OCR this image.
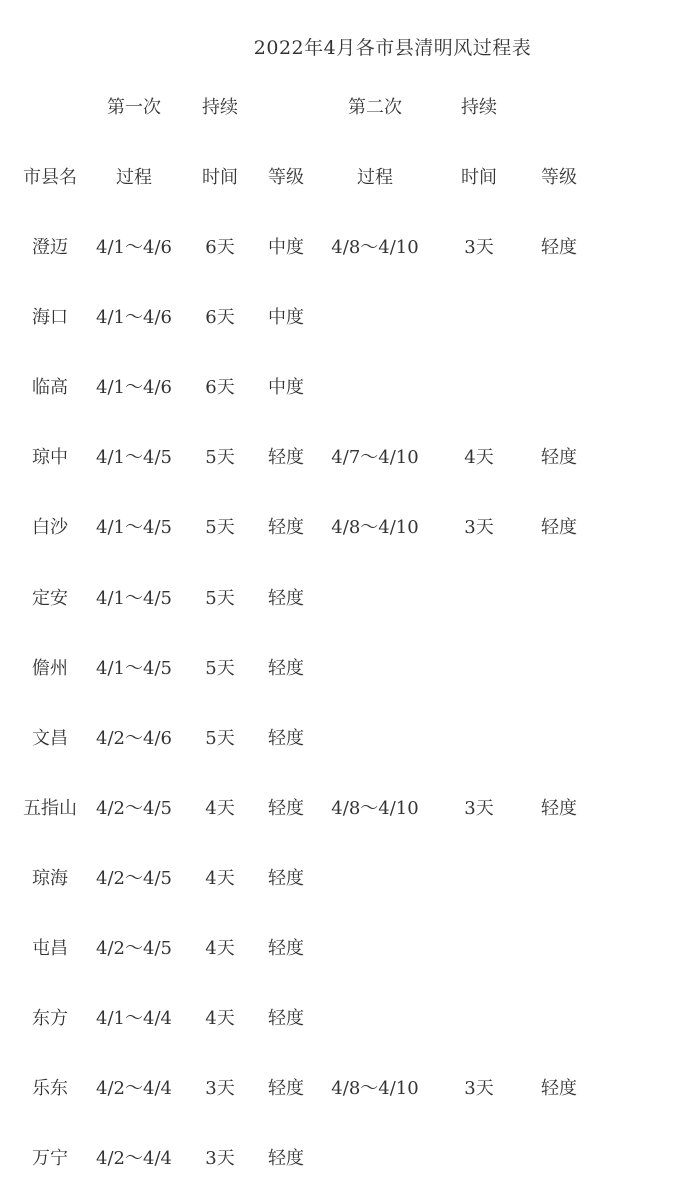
2022年4月各市县清明风过程表
第一次 持续	第二次	持续
市县名 过程	时间 等级	过程	时间 等级
澄迈 4/1～4/6 6天 中度 4/8～4/10	3天	轻度
海口 4/1～4/6 6天 中度
临高 4/1～4/6 6天 中度
琼中 4/1～4/5 5天 轻度 4/7～4/10	4天	轻度
白沙 4/1～4/5 5天 轻度 4/8～4/10	3天	轻度
定安 4/1～4/5 5天 轻度
儋州 4/1～4/5 5天 轻度
文昌 4/2～4/6 5天 轻度
五指山 4/2～4/5 4天 轻度 4/8～4/10	3天	轻度
琼海 4/2～4/5 4天 轻度
屯昌 4/2～4/5 4天 轻度
东方 4/1～4/4 4天 轻度
乐东 4/2～4/4 3天 轻度 4/8～4/10	3天	轻度
万宁 4/2～4/4 3天 轻度
